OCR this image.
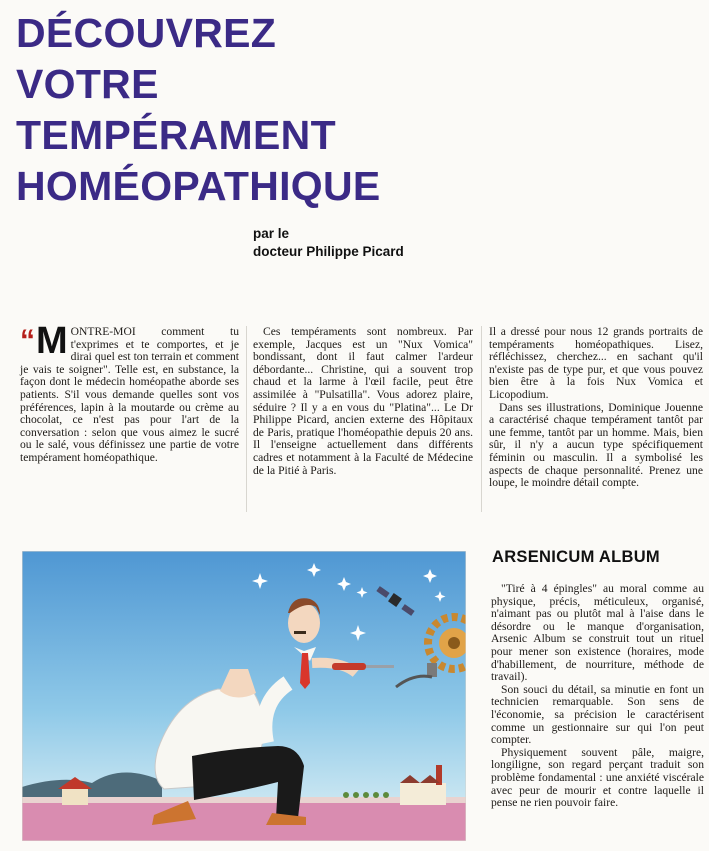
DÉCOUVREZ
VOTRE
TEMPÉRAMENT
HOMÉOPATHIQUE
par le
docteur Philippe Picard
“ M ONTRE-MOI comment tu t'exprimes et te comportes, et je dirai quel est ton terrain et comment je vais te soigner". Telle est, en substance, la façon dont le médecin homéopathe aborde ses patients. S'il vous demande quelles sont vos préférences, lapin à la moutarde ou crème au chocolat, ce n'est pas pour l'art de la conversation : selon que vous aimez le sucré ou le salé, vous définissez une partie de votre tempérament homéopathique.

Ces tempéraments sont nombreux. Par exemple, Jacques est un "Nux Vomica" bondissant, dont il faut calmer l'ardeur débordante... Christine, qui a souvent trop chaud et la larme à l'œil facile, peut être assimilée à "Pulsatilla". Vous adorez plaire, séduire ? Il y a en vous du "Platina"... Le Dr Philippe Picard, ancien externe des Hôpitaux de Paris, pratique l'homéopathie depuis 20 ans. Il l'enseigne actuellement dans différents cadres et notamment à la Faculté de Médecine de la Pitié à Paris.

Il a dressé pour nous 12 grands portraits de tempéraments homéopathiques. Lisez, réfléchissez, cherchez... en sachant qu'il n'existe pas de type pur, et que vous pouvez bien être à la fois Nux Vomica et Licopodium.

Dans ses illustrations, Dominique Jouenne a caractérisé chaque tempérament tantôt par une femme, tantôt par un homme. Mais, bien sûr, il n'y a aucun type spécifiquement féminin ou masculin. Il a symbolisé les aspects de chaque personnalité. Prenez une loupe, le moindre détail compte.

ARSENICUM ALBUM

"Tiré à 4 épingles" au moral comme au physique, précis, méticuleux, organisé, n'aimant pas ou plutôt mal à l'aise dans le désordre ou le manque d'organisation, Arsenic Album se construit tout un rituel pour mener son existence (horaires, mode d'habillement, de nourriture, méthode de travail).

Son souci du détail, sa minutie en font un technicien remarquable. Son sens de l'économie, sa précision le caractérisent comme un gestionnaire sur qui l'on peut compter.

Physiquement souvent pâle, maigre, longiligne, son regard perçant traduit son problème fondamental : une anxiété viscérale avec peur de mourir et contre laquelle il pense ne rien pouvoir faire.
